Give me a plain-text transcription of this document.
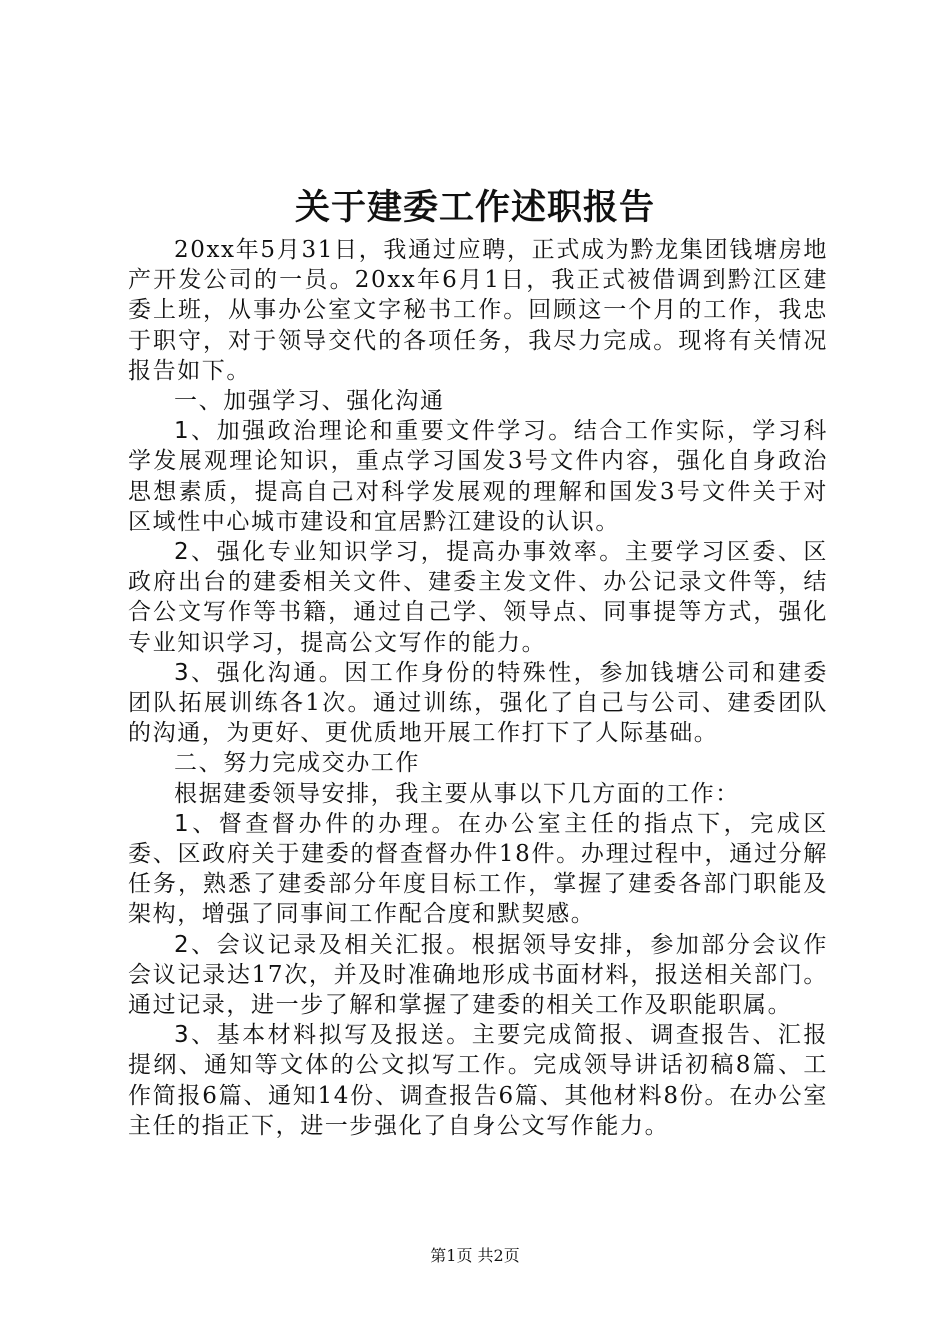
关于建委工作述职报告

20xx年5月31日，我通过应聘，正式成为黔龙集团钱塘房地产开发公司的一员。20xx年6月1日，我正式被借调到黔江区建委上班，从事办公室文字秘书工作。回顾这一个月的工作，我忠于职守，对于领导交代的各项任务，我尽力完成。现将有关情况报告如下。

一、加强学习、强化沟通

1、加强政治理论和重要文件学习。结合工作实际，学习科学发展观理论知识，重点学习国发3号文件内容，强化自身政治思想素质，提高自己对科学发展观的理解和国发3号文件关于对区域性中心城市建设和宜居黔江建设的认识。

2、强化专业知识学习，提高办事效率。主要学习区委、区政府出台的建委相关文件、建委主发文件、办公记录文件等，结合公文写作等书籍，通过自己学、领导点、同事提等方式，强化专业知识学习，提高公文写作的能力。

3、强化沟通。因工作身份的特殊性，参加钱塘公司和建委团队拓展训练各1次。通过训练，强化了自己与公司、建委团队的沟通，为更好、更优质地开展工作打下了人际基础。

二、努力完成交办工作

根据建委领导安排，我主要从事以下几方面的工作：

1、督查督办件的办理。在办公室主任的指点下，完成区委、区政府关于建委的督查督办件18件。办理过程中，通过分解任务，熟悉了建委部分年度目标工作，掌握了建委各部门职能及架构，增强了同事间工作配合度和默契感。

2、会议记录及相关汇报。根据领导安排，参加部分会议作会议记录达17次，并及时准确地形成书面材料，报送相关部门。通过记录，进一步了解和掌握了建委的相关工作及职能职属。

3、基本材料拟写及报送。主要完成简报、调查报告、汇报提纲、通知等文体的公文拟写工作。完成领导讲话初稿8篇、工作简报6篇、通知14份、调查报告6篇、其他材料8份。在办公室主任的指正下，进一步强化了自身公文写作能力。

第1页 共2页
